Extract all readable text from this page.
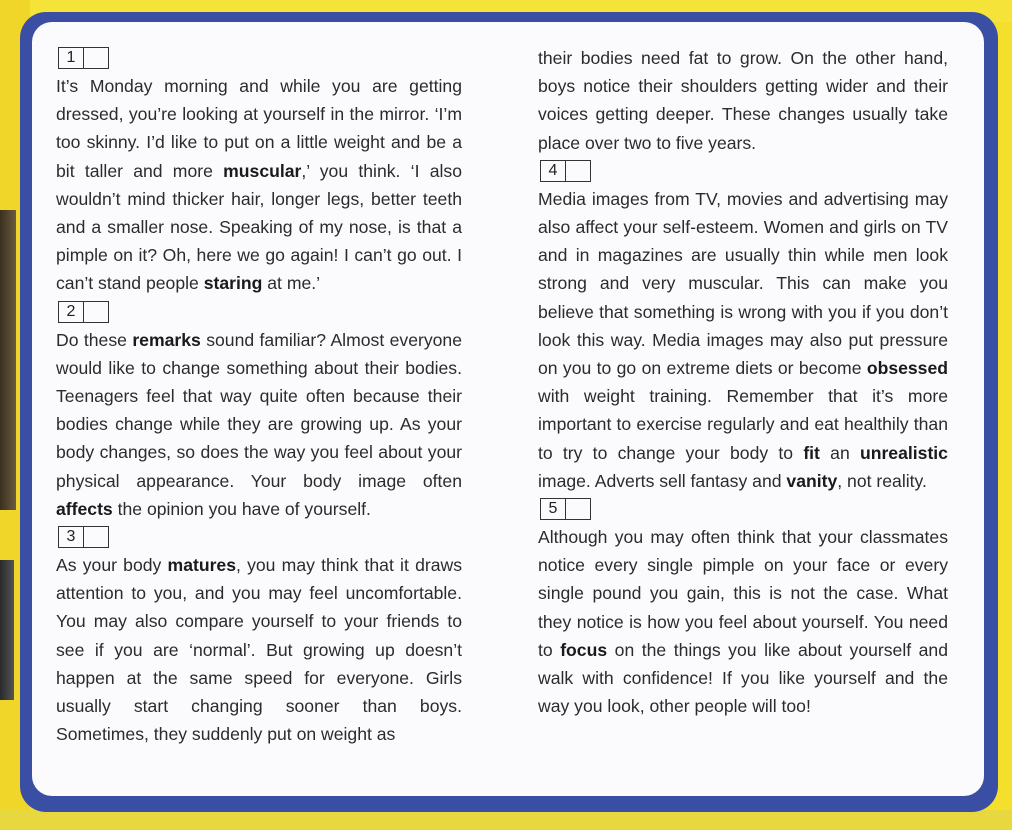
1

It’s Monday morning and while you are getting dressed, you’re looking at yourself in the mirror. ‘I’m too skinny. I’d like to put on a little weight and be a bit taller and more muscular,’ you think. ‘I also wouldn’t mind thicker hair, longer legs, better teeth and a smaller nose. Speaking of my nose, is that a pimple on it? Oh, here we go again! I can’t go out. I can’t stand people staring at me.’

2

Do these remarks sound familiar? Almost everyone would like to change something about their bodies. Teenagers feel that way quite often because their bodies change while they are growing up. As your body changes, so does the way you feel about your physical appearance. Your body image often affects the opinion you have of yourself.

3

As your body matures, you may think that it draws attention to you, and you may feel uncomfortable. You may also compare yourself to your friends to see if you are ‘normal’. But growing up doesn’t happen at the same speed for everyone. Girls usually start changing sooner than boys. Sometimes, they suddenly put on weight as

their bodies need fat to grow. On the other hand, boys notice their shoulders getting wider and their voices getting deeper. These changes usually take place over two to five years.

4

Media images from TV, movies and advertising may also affect your self-esteem. Women and girls on TV and in magazines are usually thin while men look strong and very muscular. This can make you believe that something is wrong with you if you don’t look this way. Media images may also put pressure on you to go on extreme diets or become obsessed with weight training. Remember that it’s more important to exercise regularly and eat healthily than to try to change your body to fit an unrealistic image. Adverts sell fantasy and vanity, not reality.

5

Although you may often think that your classmates notice every single pimple on your face or every single pound you gain, this is not the case. What they notice is how you feel about yourself. You need to focus on the things you like about yourself and walk with confidence! If you like yourself and the way you look, other people will too!
